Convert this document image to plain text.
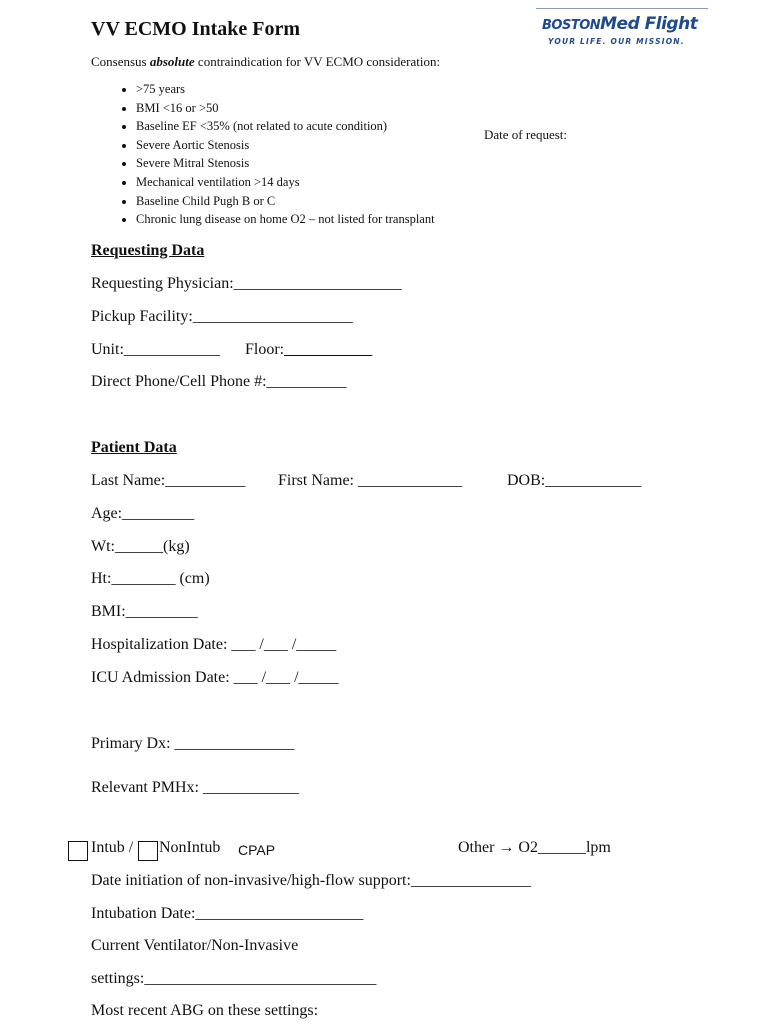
VV ECMO Intake Form	BOSTONMed Flight
YOUR LIFE. OUR MISSION.
Consensus absolute contraindication for VV ECMO consideration:
• >75 years
• BMI <16 or >50
• Baseline EF <35% (not related to acute condition)
• Severe Aortic Stenosis
• Severe Mitral Stenosis
• Mechanical ventilation >14 days
• Baseline Child Pugh B or C
• Chronic lung disease on home O2 – not listed for transplant
Date of request:
Requesting Data
Requesting Physician:_____________________
Pickup Facility:____________________
Unit:____________ Floor:___________
Direct Phone/Cell Phone #:__________
Patient Data
Last Name:__________ First Name: _____________	DOB:____________
Age:_________
Wt:______(kg)
Ht:________ (cm)
BMI:_________
Hospitalization Date: ___ /___ /_____
ICU Admission Date: ___ /___ /_____
Primary Dx: _______________
Relevant PMHx: ____________
Intub / NonIntub CPAP	Other → O2______lpm
Date initiation of non-invasive/high-flow support:_______________
Intubation Date:_____________________
Current Ventilator/Non-Invasive
settings:_____________________________
Most recent ABG on these settings:
